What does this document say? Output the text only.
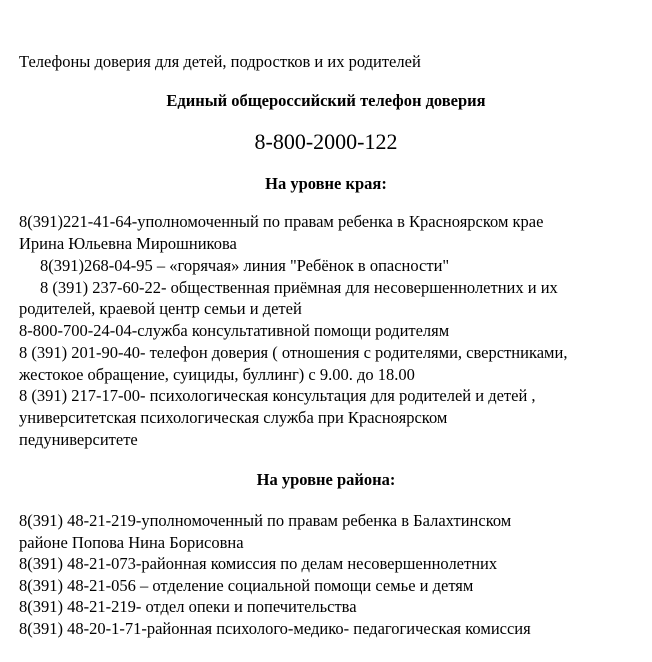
Телефоны доверия для детей, подростков и их родителей
Единый общероссийский телефон доверия
8-800-2000-122
На уровне края:
8(391)221-41-64-уполномоченный по правам ребенка в Красноярском крае
Ирина Юльевна Мирошникова
8(391)268-04-95 – «горячая» линия "Ребёнок в опасности"
8 (391) 237-60-22- общественная приёмная для несовершеннолетних и их
родителей, краевой центр семьи и детей
8-800-700-24-04-служба консультативной помощи родителям
8 (391) 201-90-40- телефон доверия ( отношения с родителями, сверстниками,
жестокое обращение, суициды, буллинг) с 9.00. до 18.00
8 (391) 217-17-00- психологическая консультация для родителей и детей ,
университетская психологическая служба при Красноярском
педуниверситете
На уровне района:
8(391) 48-21-219-уполномоченный по правам ребенка в Балахтинском
районе Попова Нина Борисовна
8(391) 48-21-073-районная комиссия по делам несовершеннолетних
8(391) 48-21-056 – отделение социальной помощи семье и детям
8(391) 48-21-219- отдел опеки и попечительства
8(391) 48-20-1-71-районная психолого-медико- педагогическая комиссия
